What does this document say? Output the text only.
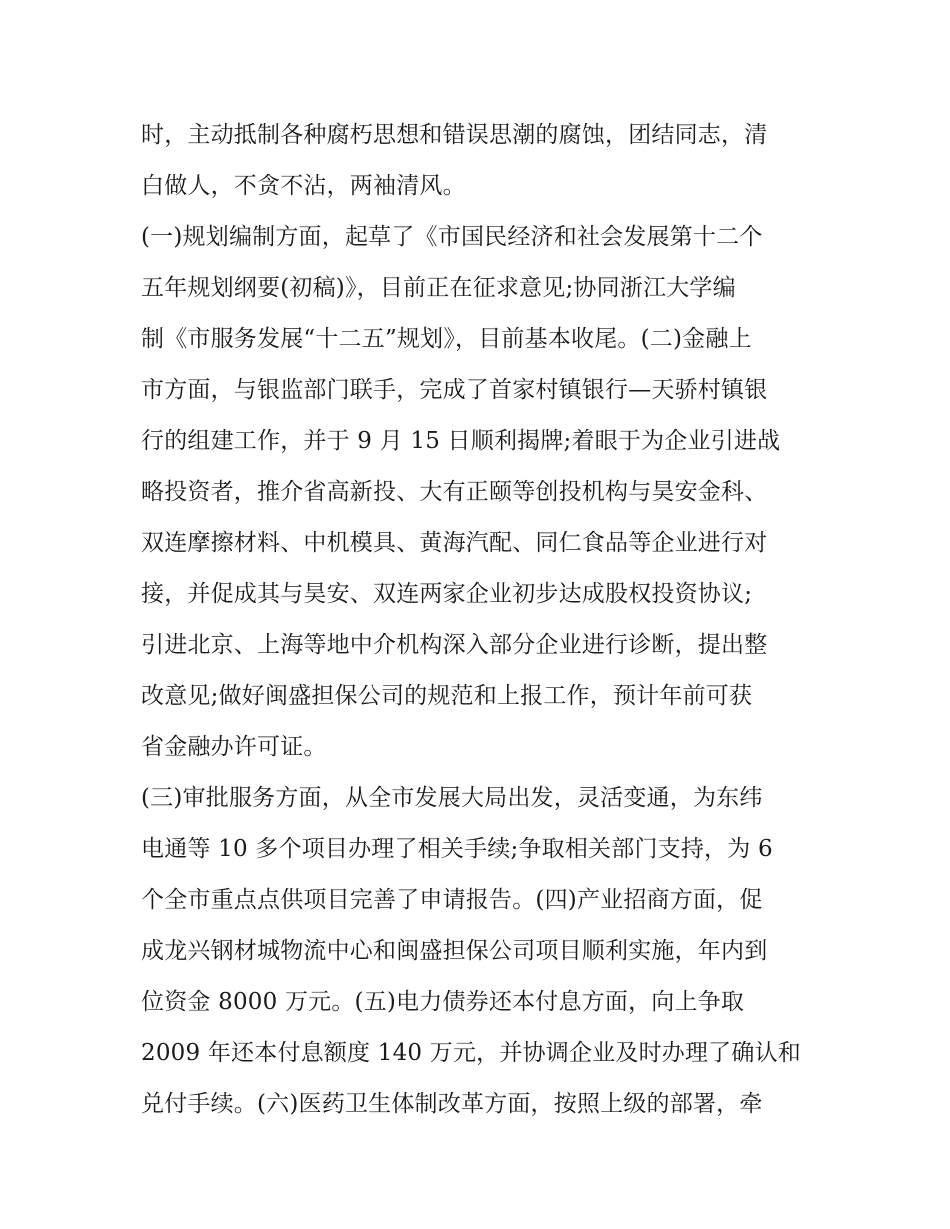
时，主动抵制各种腐朽思想和错误思潮的腐蚀，团结同志，清
白做人，不贪不沾，两袖清风。
(一)规划编制方面，起草了《市国民经济和社会发展第十二个
五年规划纲要(初稿)》，目前正在征求意见;协同浙江大学编
制《市服务发展“十二五”规划》，目前基本收尾。(二)金融上
市方面，与银监部门联手，完成了首家村镇银行—天骄村镇银
行的组建工作，并于 9 月 15 日顺利揭牌;着眼于为企业引进战
略投资者，推介省高新投、大有正颐等创投机构与昊安金科、
双连摩擦材料、中机模具、黄海汽配、同仁食品等企业进行对
接，并促成其与昊安、双连两家企业初步达成股权投资协议;
引进北京、上海等地中介机构深入部分企业进行诊断，提出整
改意见;做好闽盛担保公司的规范和上报工作，预计年前可获
省金融办许可证。
(三)审批服务方面，从全市发展大局出发，灵活变通，为东纬
电通等 10 多个项目办理了相关手续;争取相关部门支持，为 6
个全市重点点供项目完善了申请报告。(四)产业招商方面，促
成龙兴钢材城物流中心和闽盛担保公司项目顺利实施，年内到
位资金 8000 万元。(五)电力债券还本付息方面，向上争取
2009 年还本付息额度 140 万元，并协调企业及时办理了确认和
兑付手续。(六)医药卫生体制改革方面，按照上级的部署，牵
